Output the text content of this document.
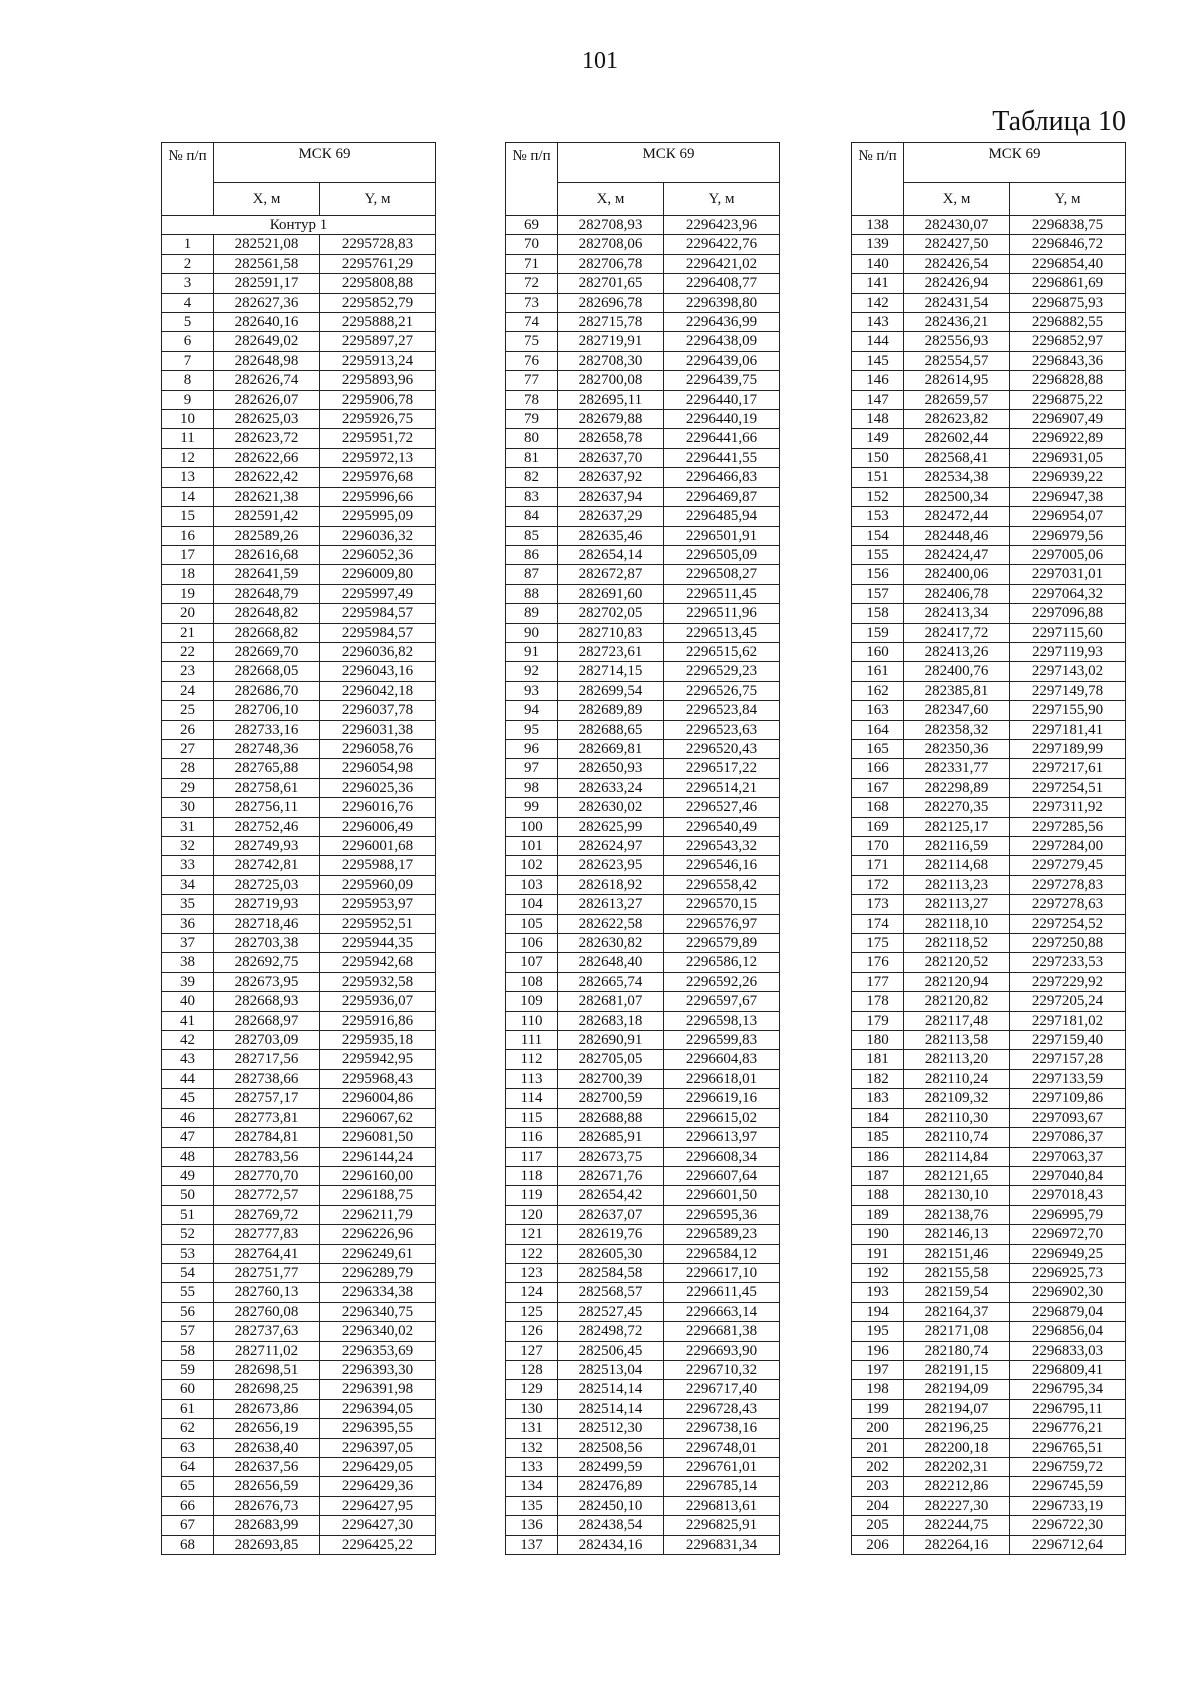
101
Таблица 10
№ п/п	МСК 69	
	X, м	Y, м
Контур 1		
1	282521,08	2295728,83
2	282561,58	2295761,29
3	282591,17	2295808,88
4	282627,36	2295852,79
5	282640,16	2295888,21
6	282649,02	2295897,27
7	282648,98	2295913,24
8	282626,74	2295893,96
9	282626,07	2295906,78
10	282625,03	2295926,75
11	282623,72	2295951,72
12	282622,66	2295972,13
13	282622,42	2295976,68
14	282621,38	2295996,66
15	282591,42	2295995,09
16	282589,26	2296036,32
17	282616,68	2296052,36
18	282641,59	2296009,80
19	282648,79	2295997,49
20	282648,82	2295984,57
21	282668,82	2295984,57
22	282669,70	2296036,82
23	282668,05	2296043,16
24	282686,70	2296042,18
25	282706,10	2296037,78
26	282733,16	2296031,38
27	282748,36	2296058,76
28	282765,88	2296054,98
29	282758,61	2296025,36
30	282756,11	2296016,76
31	282752,46	2296006,49
32	282749,93	2296001,68
33	282742,81	2295988,17
34	282725,03	2295960,09
35	282719,93	2295953,97
36	282718,46	2295952,51
37	282703,38	2295944,35
38	282692,75	2295942,68
39	282673,95	2295932,58
40	282668,93	2295936,07
41	282668,97	2295916,86
42	282703,09	2295935,18
43	282717,56	2295942,95
44	282738,66	2295968,43
45	282757,17	2296004,86
46	282773,81	2296067,62
47	282784,81	2296081,50
48	282783,56	2296144,24
49	282770,70	2296160,00
50	282772,57	2296188,75
51	282769,72	2296211,79
52	282777,83	2296226,96
53	282764,41	2296249,61
54	282751,77	2296289,79
55	282760,13	2296334,38
56	282760,08	2296340,75
57	282737,63	2296340,02
58	282711,02	2296353,69
59	282698,51	2296393,30
60	282698,25	2296391,98
61	282673,86	2296394,05
62	282656,19	2296395,55
63	282638,40	2296397,05
64	282637,56	2296429,05
65	282656,59	2296429,36
66	282676,73	2296427,95
67	282683,99	2296427,30
68	282693,85	2296425,22
№ п/п	МСК 69	
	X, м	Y, м
69	282708,93	2296423,96
70	282708,06	2296422,76
71	282706,78	2296421,02
72	282701,65	2296408,77
73	282696,78	2296398,80
74	282715,78	2296436,99
75	282719,91	2296438,09
76	282708,30	2296439,06
77	282700,08	2296439,75
78	282695,11	2296440,17
79	282679,88	2296440,19
80	282658,78	2296441,66
81	282637,70	2296441,55
82	282637,92	2296466,83
83	282637,94	2296469,87
84	282637,29	2296485,94
85	282635,46	2296501,91
86	282654,14	2296505,09
87	282672,87	2296508,27
88	282691,60	2296511,45
89	282702,05	2296511,96
90	282710,83	2296513,45
91	282723,61	2296515,62
92	282714,15	2296529,23
93	282699,54	2296526,75
94	282689,89	2296523,84
95	282688,65	2296523,63
96	282669,81	2296520,43
97	282650,93	2296517,22
98	282633,24	2296514,21
99	282630,02	2296527,46
100	282625,99	2296540,49
101	282624,97	2296543,32
102	282623,95	2296546,16
103	282618,92	2296558,42
104	282613,27	2296570,15
105	282622,58	2296576,97
106	282630,82	2296579,89
107	282648,40	2296586,12
108	282665,74	2296592,26
109	282681,07	2296597,67
110	282683,18	2296598,13
111	282690,91	2296599,83
112	282705,05	2296604,83
113	282700,39	2296618,01
114	282700,59	2296619,16
115	282688,88	2296615,02
116	282685,91	2296613,97
117	282673,75	2296608,34
118	282671,76	2296607,64
119	282654,42	2296601,50
120	282637,07	2296595,36
121	282619,76	2296589,23
122	282605,30	2296584,12
123	282584,58	2296617,10
124	282568,57	2296611,45
125	282527,45	2296663,14
126	282498,72	2296681,38
127	282506,45	2296693,90
128	282513,04	2296710,32
129	282514,14	2296717,40
130	282514,14	2296728,43
131	282512,30	2296738,16
132	282508,56	2296748,01
133	282499,59	2296761,01
134	282476,89	2296785,14
135	282450,10	2296813,61
136	282438,54	2296825,91
137	282434,16	2296831,34
№ п/п	МСК 69	
	X, м	Y, м
138	282430,07	2296838,75
139	282427,50	2296846,72
140	282426,54	2296854,40
141	282426,94	2296861,69
142	282431,54	2296875,93
143	282436,21	2296882,55
144	282556,93	2296852,97
145	282554,57	2296843,36
146	282614,95	2296828,88
147	282659,57	2296875,22
148	282623,82	2296907,49
149	282602,44	2296922,89
150	282568,41	2296931,05
151	282534,38	2296939,22
152	282500,34	2296947,38
153	282472,44	2296954,07
154	282448,46	2296979,56
155	282424,47	2297005,06
156	282400,06	2297031,01
157	282406,78	2297064,32
158	282413,34	2297096,88
159	282417,72	2297115,60
160	282413,26	2297119,93
161	282400,76	2297143,02
162	282385,81	2297149,78
163	282347,60	2297155,90
164	282358,32	2297181,41
165	282350,36	2297189,99
166	282331,77	2297217,61
167	282298,89	2297254,51
168	282270,35	2297311,92
169	282125,17	2297285,56
170	282116,59	2297284,00
171	282114,68	2297279,45
172	282113,23	2297278,83
173	282113,27	2297278,63
174	282118,10	2297254,52
175	282118,52	2297250,88
176	282120,52	2297233,53
177	282120,94	2297229,92
178	282120,82	2297205,24
179	282117,48	2297181,02
180	282113,58	2297159,40
181	282113,20	2297157,28
182	282110,24	2297133,59
183	282109,32	2297109,86
184	282110,30	2297093,67
185	282110,74	2297086,37
186	282114,84	2297063,37
187	282121,65	2297040,84
188	282130,10	2297018,43
189	282138,76	2296995,79
190	282146,13	2296972,70
191	282151,46	2296949,25
192	282155,58	2296925,73
193	282159,54	2296902,30
194	282164,37	2296879,04
195	282171,08	2296856,04
196	282180,74	2296833,03
197	282191,15	2296809,41
198	282194,09	2296795,34
199	282194,07	2296795,11
200	282196,25	2296776,21
201	282200,18	2296765,51
202	282202,31	2296759,72
203	282212,86	2296745,59
204	282227,30	2296733,19
205	282244,75	2296722,30
206	282264,16	2296712,64
